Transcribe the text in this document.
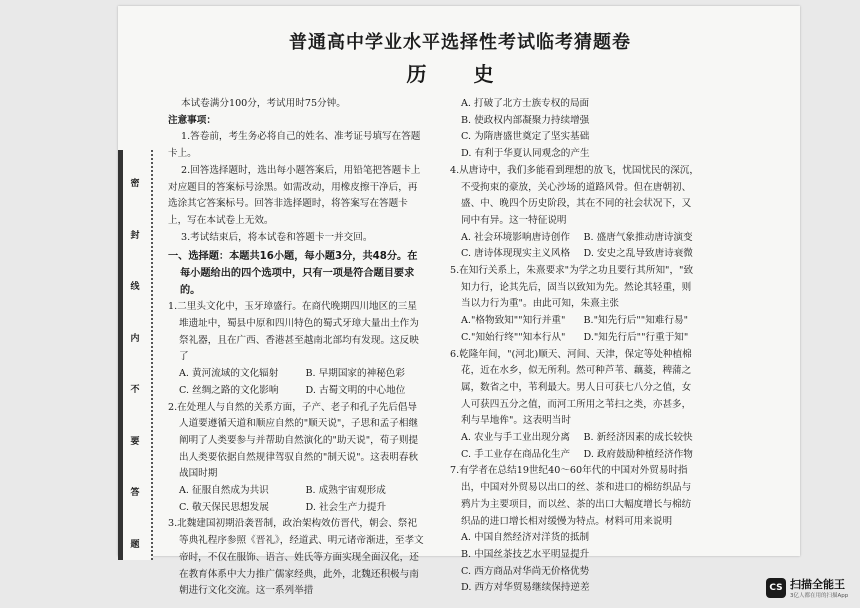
密
封
线
内
不
要
答
题
普通高中学业水平选择性考试临考猜题卷
历 史

本试卷满分100分，考试用时75分钟。

注意事项：

1.答卷前，考生务必将自己的姓名、准考证号填写在答题卡上。

2.回答选择题时，选出每小题答案后，用铅笔把答题卡上对应题目的答案标号涂黑。如需改动，用橡皮擦干净后，再选涂其它答案标号。回答非选择题时，将答案写在答题卡上，写在本试卷上无效。

3.考试结束后，将本试卷和答题卡一并交回。

一、选择题：本题共16小题，每小题3分，共48分。在每小题给出的四个选项中，只有一项是符合题目要求的。

1.二里头文化中，玉牙璋盛行。在商代晚期四川地区的三星堆遗址中，蜀县中原和四川特色的蜀式牙璋大量出土作为祭礼器，且在广西、香港甚至越南北部均有发现。这反映了

A. 黄河流域的文化辐射	B. 早期国家的神秘色彩
C. 丝绸之路的文化影响	D. 古蜀文明的中心地位

2.在处理人与自然的关系方面，子产、老子和孔子先后倡导人道要遵循天道和顺应自然的"顺天说"，子思和孟子相继阐明了人类要参与并帮助自然演化的"助天说"，荀子则提出人类要依据自然规律驾驭自然的"制天说"。这表明春秋战国时期

A. 征服自然成为共识	B. 成熟宇宙观形成
C. 敬天保民思想发展	D. 社会生产力提升

3.北魏建国初期沿袭晋制，政治架构效仿晋代，朝会、祭祀等典礼程序参照《晋礼》，经道武、明元诸帝渐进，至孝文帝时，不仅在服饰、语言、姓氏等方面实现全面汉化，还在教育体系中大力推广儒家经典，此外，北魏还积极与南朝进行文化交流。这一系列举措

A. 打破了北方士族专权的局面

B. 使政权内部凝聚力持续增强

C. 为隋唐盛世奠定了坚实基础

D. 有利于华夏认同观念的产生

4.从唐诗中，我们多能看到理想的放飞，忧国忧民的深沉，不受拘束的豪放，关心沙场的道路风骨。但在唐朝初、盛、中、晚四个历史阶段，其在不同的社会状况下，又同中有异。这一特征说明

A. 社会环境影响唐诗创作	B. 盛唐气象推动唐诗演变
C. 唐诗体现现实主义风格	D. 安史之乱导致唐诗衰微

5.在知行关系上，朱熹要求"为学之功且要行其所知"，"致知力行，论其先后，固当以致知为先。然论其轻重，则当以力行为重"。由此可知，朱熹主张

A."格物致知""知行并重"	B."知先行后""知难行易"
C."知始行终""知本行从"	D."知先行后""行重于知"

6.乾隆年间，"(河北)顺天、河间、天津，保定等处种植棉花，近在水乡，似无所利。然可种芦苇、藕菱，稗蒲之属，数省之中，苇利最大。男人日可获七八分之值，女人可获四五分之值，而河工所用之苇扫之类，亦甚多，利与旱地侔"。这表明当时

A. 农业与手工业出现分离	B. 新经济因素的成长较快
C. 手工业存在商品化生产	D. 政府鼓励种植经济作物

7.有学者在总结19世纪40～60年代的中国对外贸易时指出，中国对外贸易以出口的丝、茶和进口的棉纺织品与鸦片为主要项目，而以丝、茶的出口大幅度增长与棉纺织品的进口增长相对缓慢为特点。材料可用来说明

A. 中国自然经济对洋货的抵制

B. 中国丝茶技艺水平明显提升

C. 西方商品对华尚无价格优势

D. 西方对华贸易继续保持逆差	CS 扫描全能王
3亿人都在用的扫描App
